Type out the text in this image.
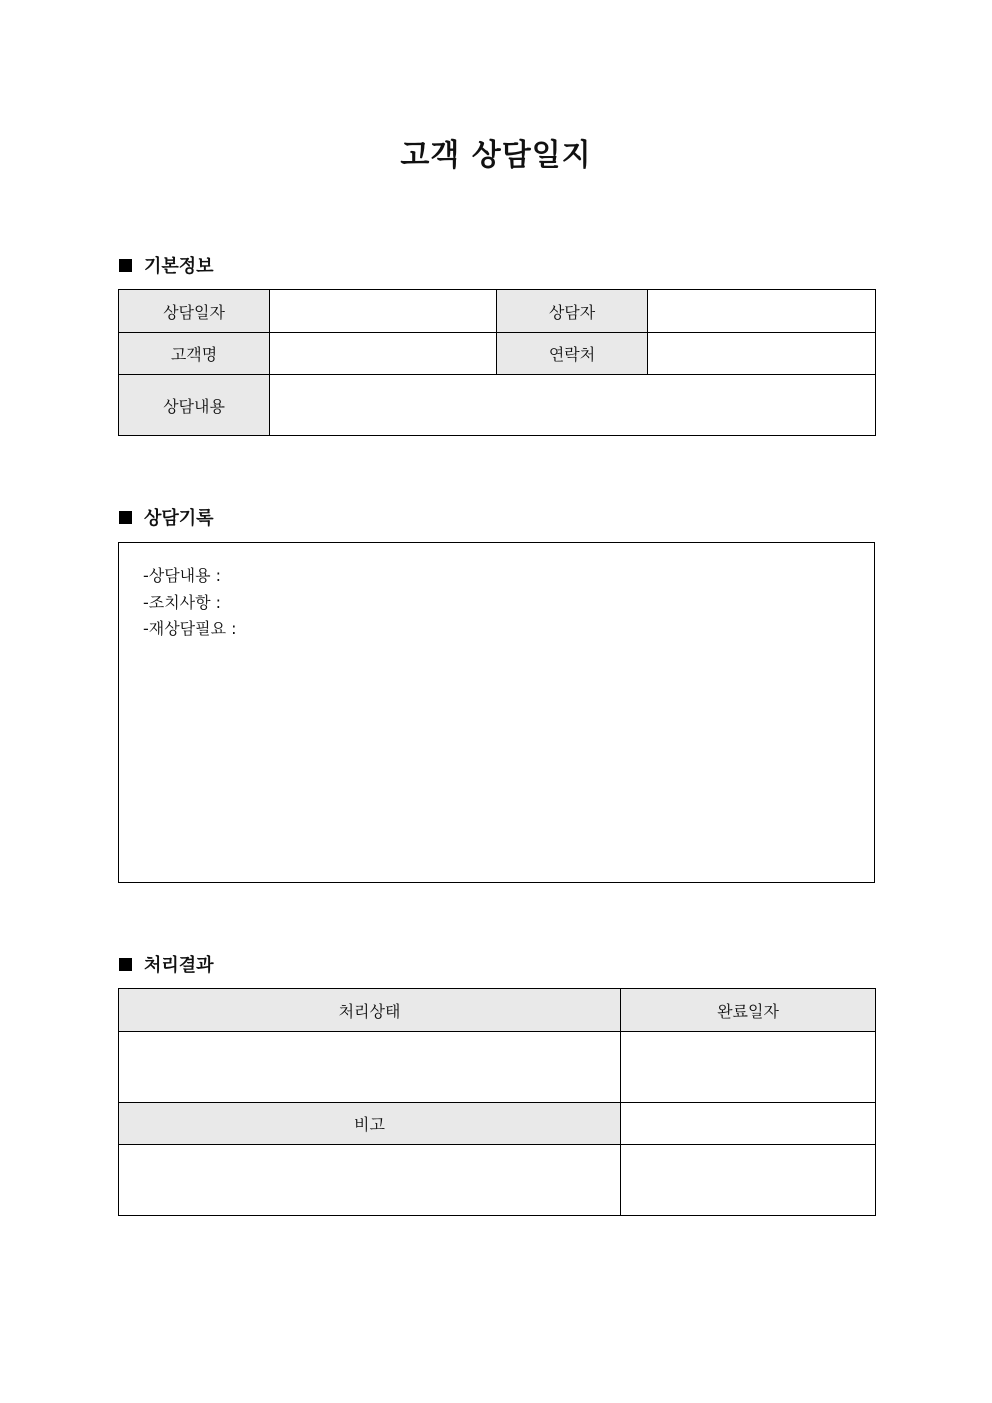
고객 상담일지
기본정보
상담일자		상담자	
고객명		연락처	
상담내용			
상담기록
-상담내용 :
-조치사항 :
-재상담필요 :
처리결과
처리상태	완료일자

비고	
